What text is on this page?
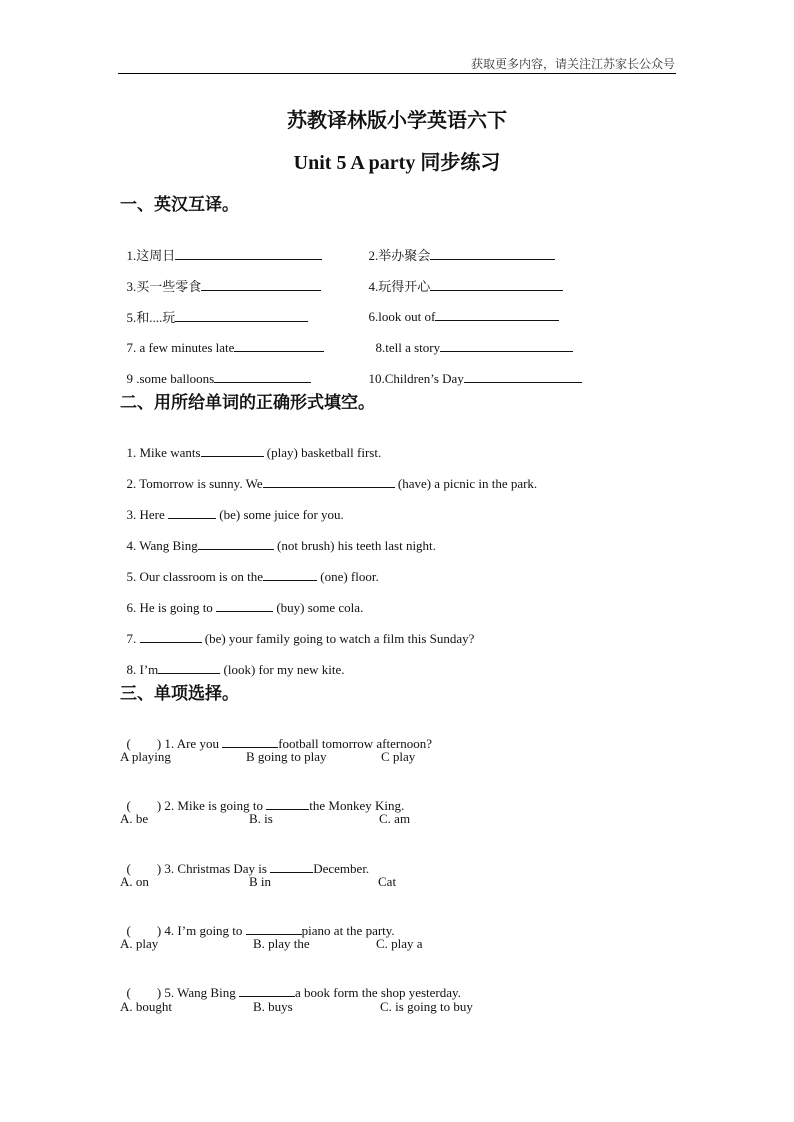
获取更多内容，请关注江苏家长公众号
苏教译林版小学英语六下
Unit 5 A party 同步练习
一、英汉互译。

1.这周日	2.举办聚会

3.买一些零食	4.玩得开心

5.和....玩	6.look out of

7. a few minutes late	8.tell a story

9 .some balloons	10.Children’s Day

二、用所给单词的正确形式填空。

1. Mike wants	(play) basketball first.

2. Tomorrow is sunny. We	(have) a picnic in the park.

3. Here	(be) some juice for you.

4. Wang Bing	(not brush) his teeth last night.

5. Our classroom is on the	(one) floor.

6. He is going to	(buy) some cola.

7.	(be) your family going to watch a film this Sunday?

8. I’m	(look) for my new kite.

三、单项选择。

(        ) 1. Are you	football tomorrow afternoon?

A playing	B going to play	C play

(        ) 2. Mike is going to	the Monkey King.

A. be	B. is	C. am

(        ) 3. Christmas Day is	December.

A. on	B in	Cat

(        ) 4. I’m going to	piano at the party.

A. play	B. play the	C. play a

(        ) 5. Wang Bing	a book form the shop yesterday.

A. bought	B. buys	C. is going to buy
